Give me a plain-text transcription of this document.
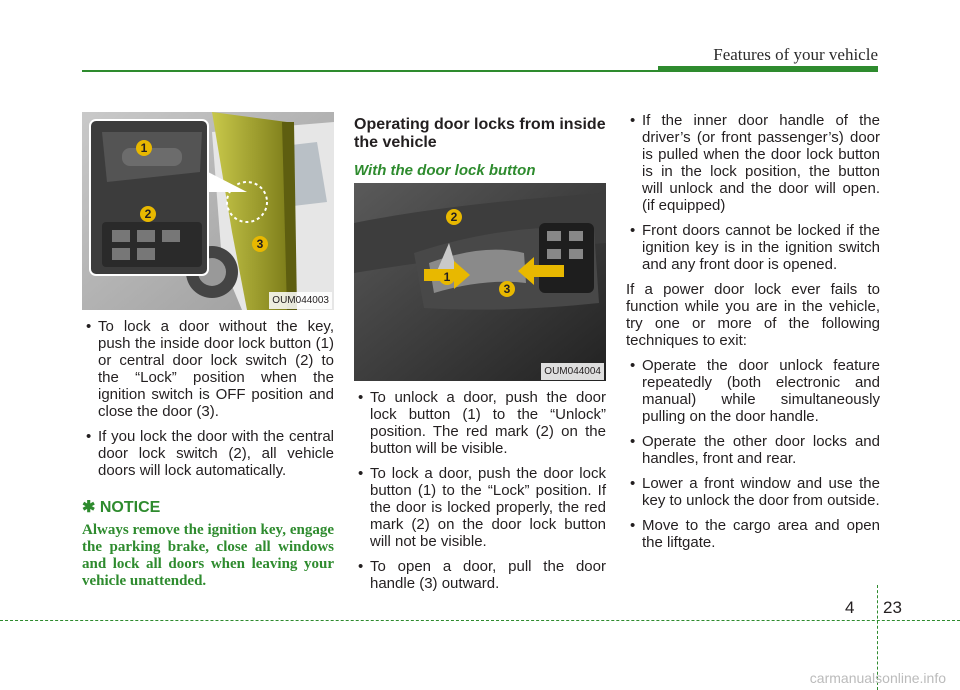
Features of your vehicle
1
2
3
OUM044003
• To lock a door without the key, push the inside door lock button (1) or central door lock switch (2) to the “Lock” position when the ignition switch is OFF position and close the door (3).
• If you lock the door with the central door lock switch (2), all vehicle doors will lock automatically.
✱ NOTICE
Always remove the ignition key, engage the parking brake, close all windows and lock all doors when leaving your vehicle unattended.
Operating door locks from inside the vehicle
With the door lock button
2
1
3
OUM044004
• To unlock a door, push the door lock button (1) to the “Unlock” position. The red mark (2) on the button will be visible.
• To lock a door, push the door lock button (1) to the “Lock” position. If the door is locked properly, the red mark (2) on the door lock button will not be visible.
• To open a door, pull the door handle (3) outward.
• If the inner door handle of the driver’s (or front passenger’s) door is pulled when the door lock button is in the lock position, the button will unlock and the door will open. (if equipped)
• Front doors cannot be locked if the ignition key is in the ignition switch and any front door is opened.
If a power door lock ever fails to function while you are in the vehicle, try one or more of the following techniques to exit:
• Operate the door unlock feature repeatedly (both electronic and manual) while simultaneously pulling on the door handle.
• Operate the other door locks and handles, front and rear.
• Lower a front window and use the key to unlock the door from outside.
• Move to the cargo area and open the liftgate.
4 23
carmanualsonline.info
